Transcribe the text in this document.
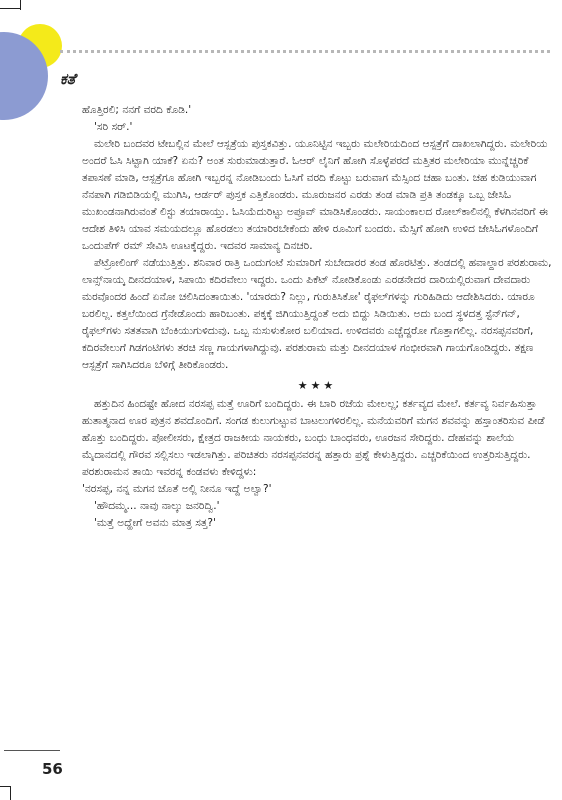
ಕತೆ

ಹೊತ್ತಿರಲಿ; ನನಗೆ ವರದಿ ಕೊಡಿ.'

'ಸರಿ ಸರ್.'

ಮಲೇರಿ ಬಂದವರ ಟೇಬಲ್ಲಿನ ಮೇಲೆ ಆಸ್ಪತ್ರೆಯ ಪುಸ್ತಕವಿತ್ತು. ಯೂನಿಟ್ಟಿನ ಇಬ್ಬರು ಮಲೇರಿಯದಿಂದ ಆಸ್ಪತ್ರೆಗೆ ದಾಖಲಾಗಿದ್ದರು. ಮಲೇರಿಯ ಅಂದರೆ ಓಸಿ ಸಿಟ್ಟಾಗಿ ಯಾಕೆ? ಏನು? ಅಂತ ಸುರುಮಾಡುತ್ತಾರೆ. ಓಆರ್ ಲೈನಿಗೆ ಹೋಗಿ ಸೊಳ್ಳೆಪರದೆ ಮತ್ತಿತರ ಮಲೇರಿಯಾ ಮುನ್ನೆಚ್ಚರಿಕೆ ತಪಾಸಣೆ ಮಾಡಿ, ಆಸ್ಪತ್ರೆಗೂ ಹೋಗಿ ಇಬ್ಬರನ್ನ ನೋಡಿಬಂದು ಓಸಿಗೆ ವರದಿ ಕೊಟ್ಟು ಬರುವಾಗ ಮೆಸ್ಸಿಂದ ಚಹಾ ಬಂತು. ಚಹ ಕುಡಿಯುವಾಗ ನೆನಪಾಗಿ ಗಡಿಬಿಡಿಯಲ್ಲಿ ಮುಗಿಸಿ, ಆರ್ಡರ್ ಪುಸ್ತಕ ಎತ್ತಿಕೊಂಡರು. ಮೂರುಜನರ ಎರಡು ತಂಡ ಮಾಡಿ ಪ್ರತಿ ತಂಡಕ್ಕೂ ಒಬ್ಬ ಜೇಸಿಓ ಮುಖಂಡನಾಗಿರುವಂತೆ ಲಿಸ್ಟು ತಯಾರಾಯ್ತು. ಓಸಿಯೆದುರಿಟ್ಟು ಅಪ್ರೂವ್ ಮಾಡಿಸಿಕೊಂಡರು. ಸಾಯಂಕಾಲದ ರೋಲ್‌ಕಾಲಿನಲ್ಲಿ ಕೆಳಗಿನವರಿಗೆ ಈ ಆದೇಶ ತಿಳಿಸಿ ಯಾವ ಸಮಯದಲ್ಲೂ ಹೊರಡಲು ತಯಾರಿರಬೇಕೆಂದು ಹೇಳಿ ರೂಮಿಗೆ ಬಂದರು. ಮೆಸ್ಸಿಗೆ ಹೋಗಿ ಉಳಿದ ಜೇಸಿಓಗಳೊಂದಿಗೆ ಒಂದುಪೆಗ್ ರಮ್ ಸೇವಿಸಿ ಊಟಕ್ಕೆದ್ದರು. ಇದವರ ಸಾಮಾನ್ಯ ದಿನಚರಿ.

ಪೆಟ್ರೋಲಿಂಗ್ ನಡೆಯುತ್ತಿತ್ತು. ಶನಿವಾರ ರಾತ್ರಿ ಒಂದುಗಂಟೆ ಸುಮಾರಿಗೆ ಸುಬೇದಾರರ ತಂಡ ಹೊರಟಿತ್ತು. ತಂಡದಲ್ಲಿ ಹವಾಲ್ದಾರ ಪರಶುರಾಮ, ಲಾನ್ಸ್‌ನಾಯ್ಕ ದೀನದಯಾಳ, ಸಿಪಾಯಿ ಕದಿರವೇಲು ಇದ್ದರು. ಒಂದು ಪಿಕೆಟ್ ನೋಡಿಕೊಂಡು ಎರಡನೇದರ ದಾರಿಯಲ್ಲಿರುವಾಗ ದೇವದಾರು ಮರವೊಂದರ ಹಿಂದೆ ಏನೋ ಚಲಿಸಿದಂತಾಯಿತು. 'ಯಾರದು? ನಿಲ್ಲು, ಗುರುತಿಸಿಕೋ' ರೈಫಲ್‌ಗಳನ್ನು ಗುರಿಹಿಡಿದು ಆದೇಶಿಸಿದರು. ಯಾರೂ ಬರಲಿಲ್ಲ. ಕತ್ತಲೆಯಿಂದ ಗ್ರೆನೇಡೊಂದು ಹಾರಿಬಂತು. ಪಕ್ಕಕ್ಕೆ ಜಿಗಿಯುತ್ತಿದ್ದಂತೆ ಅದು ಬಿದ್ದು ಸಿಡಿಯಿತು. ಅದು ಬಂದ ಸ್ಥಳದತ್ತ ಸ್ಟೆನ್‌ಗನ್, ರೈಫಲ್‌ಗಳು ಸತತವಾಗಿ ಬೆಂಕಿಯುಗುಳಿದುವು. ಒಬ್ಬ ನುಸುಳುಕೋರ ಬಲಿಯಾದ. ಉಳಿದವರು ಎಚ್ಚೆದ್ದರೋ ಗೊತ್ತಾಗಲಿಲ್ಲ. ನರಸಪ್ಪನವರಿಗೆ, ಕದಿರವೇಲುಗೆ ಗಿಡಗಂಟಿಗಳು ತರಚಿ ಸಣ್ಣ ಗಾಯಗಳಾಗಿದ್ದುವು. ಪರಶುರಾಮ ಮತ್ತು ದೀನದಯಾಳ ಗಂಭೀರವಾಗಿ ಗಾಯಗೊಂಡಿದ್ದರು. ತಕ್ಷಣ ಆಸ್ಪತ್ರೆಗೆ ಸಾಗಿಸಿದರೂ ಬೆಳಿಗ್ಗೆ ತೀರಿಕೊಂಡರು.

★★★

ಹತ್ತುದಿನ ಹಿಂದಷ್ಟೇ ಹೋದ ನರಸಪ್ಪ ಮತ್ತೆ ಊರಿಗೆ ಬಂದಿದ್ದರು. ಈ ಬಾರಿ ರಜೆಯ ಮೇಲಲ್ಲ; ಕರ್ತವ್ಯದ ಮೇಲೆ. ಕರ್ತವ್ಯ ನಿರ್ವಹಿಸುತ್ತಾ ಹುತಾತ್ಮನಾದ ಊರ ಪುತ್ರನ ಶವದೊಂದಿಗೆ. ಸಂಗಡ ಕುಲುಗುಟ್ಟುವ ಬಾಟಲುಗಳಿರಲಿಲ್ಲ. ಮನೆಯವರಿಗೆ ಮಗನ ಶವವನ್ನು ಹಸ್ತಾಂತರಿಸುವ ಪೀಡೆ ಹೊತ್ತು ಬಂದಿದ್ದರು. ಪೋಲೀಸರು, ಕ್ಷೇತ್ರದ ರಾಜಕೀಯ ನಾಯಕರು, ಬಂಧು ಬಾಂಧವರು, ಊರಜನ ಸೇರಿದ್ದರು. ದೇಹವನ್ನು ಶಾಲೆಯ ಮೈದಾನದಲ್ಲಿ ಗೌರವ ಸಲ್ಲಿಸಲು ಇಡಲಾಗಿತ್ತು. ಪರಿಚಿತರು ನರಸಪ್ಪನವರನ್ನ ಹತ್ತಾರು ಪ್ರಶ್ನೆ ಕೇಳುತ್ತಿದ್ದರು. ಎಚ್ಚರಿಕೆಯಿಂದ ಉತ್ತರಿಸುತ್ತಿದ್ದರು. ಪರಶುರಾಮನ ತಾಯಿ ಇವರನ್ನ ಕಂಡವಳು ಕೇಳಿದ್ದಳು:

'ನರಸಪ್ಪ, ನನ್ನ ಮಗನ ಜೊತೆ ಅಲ್ಲಿ ನೀನೂ ಇದ್ದೆ ಅಲ್ವಾ?'

'ಹೌದಮ್ಮ... ನಾವು ನಾಲ್ಕು ಜನರಿದ್ವಿ.'

'ಮತ್ತೆ ಅದ್ಹೇಗೆ ಅವನು ಮಾತ್ರ ಸತ್ತ?'

56
